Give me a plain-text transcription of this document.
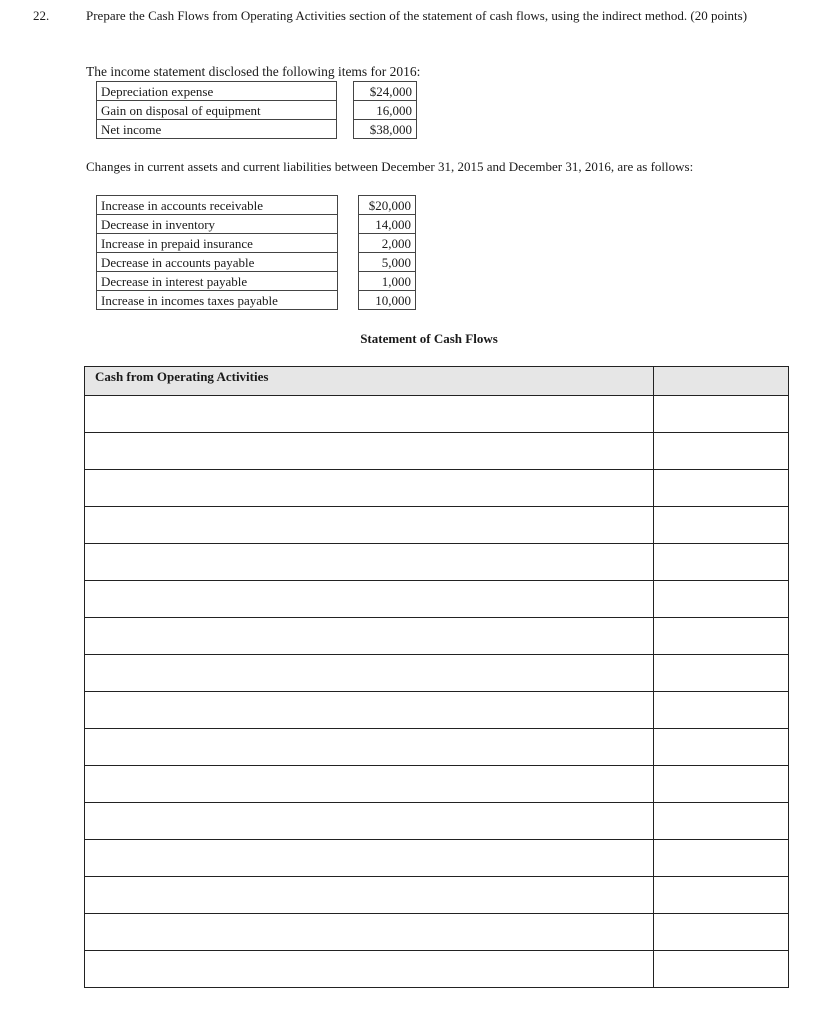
22.	Prepare the Cash Flows from Operating Activities section of the statement of cash flows, using the indirect method. (20 points)
The income statement disclosed the following items for 2016:
Depreciation expense		$24,000
Gain on disposal of equipment		16,000
Net income		$38,000
Changes in current assets and current liabilities between December 31, 2015 and December 31, 2016, are as follows:
Increase in accounts receivable		$20,000
Decrease in inventory		14,000
Increase in prepaid insurance		2,000
Decrease in accounts payable		5,000
Decrease in interest payable		1,000
Increase in incomes taxes payable		10,000
Statement of Cash Flows
Cash from Operating Activities	
